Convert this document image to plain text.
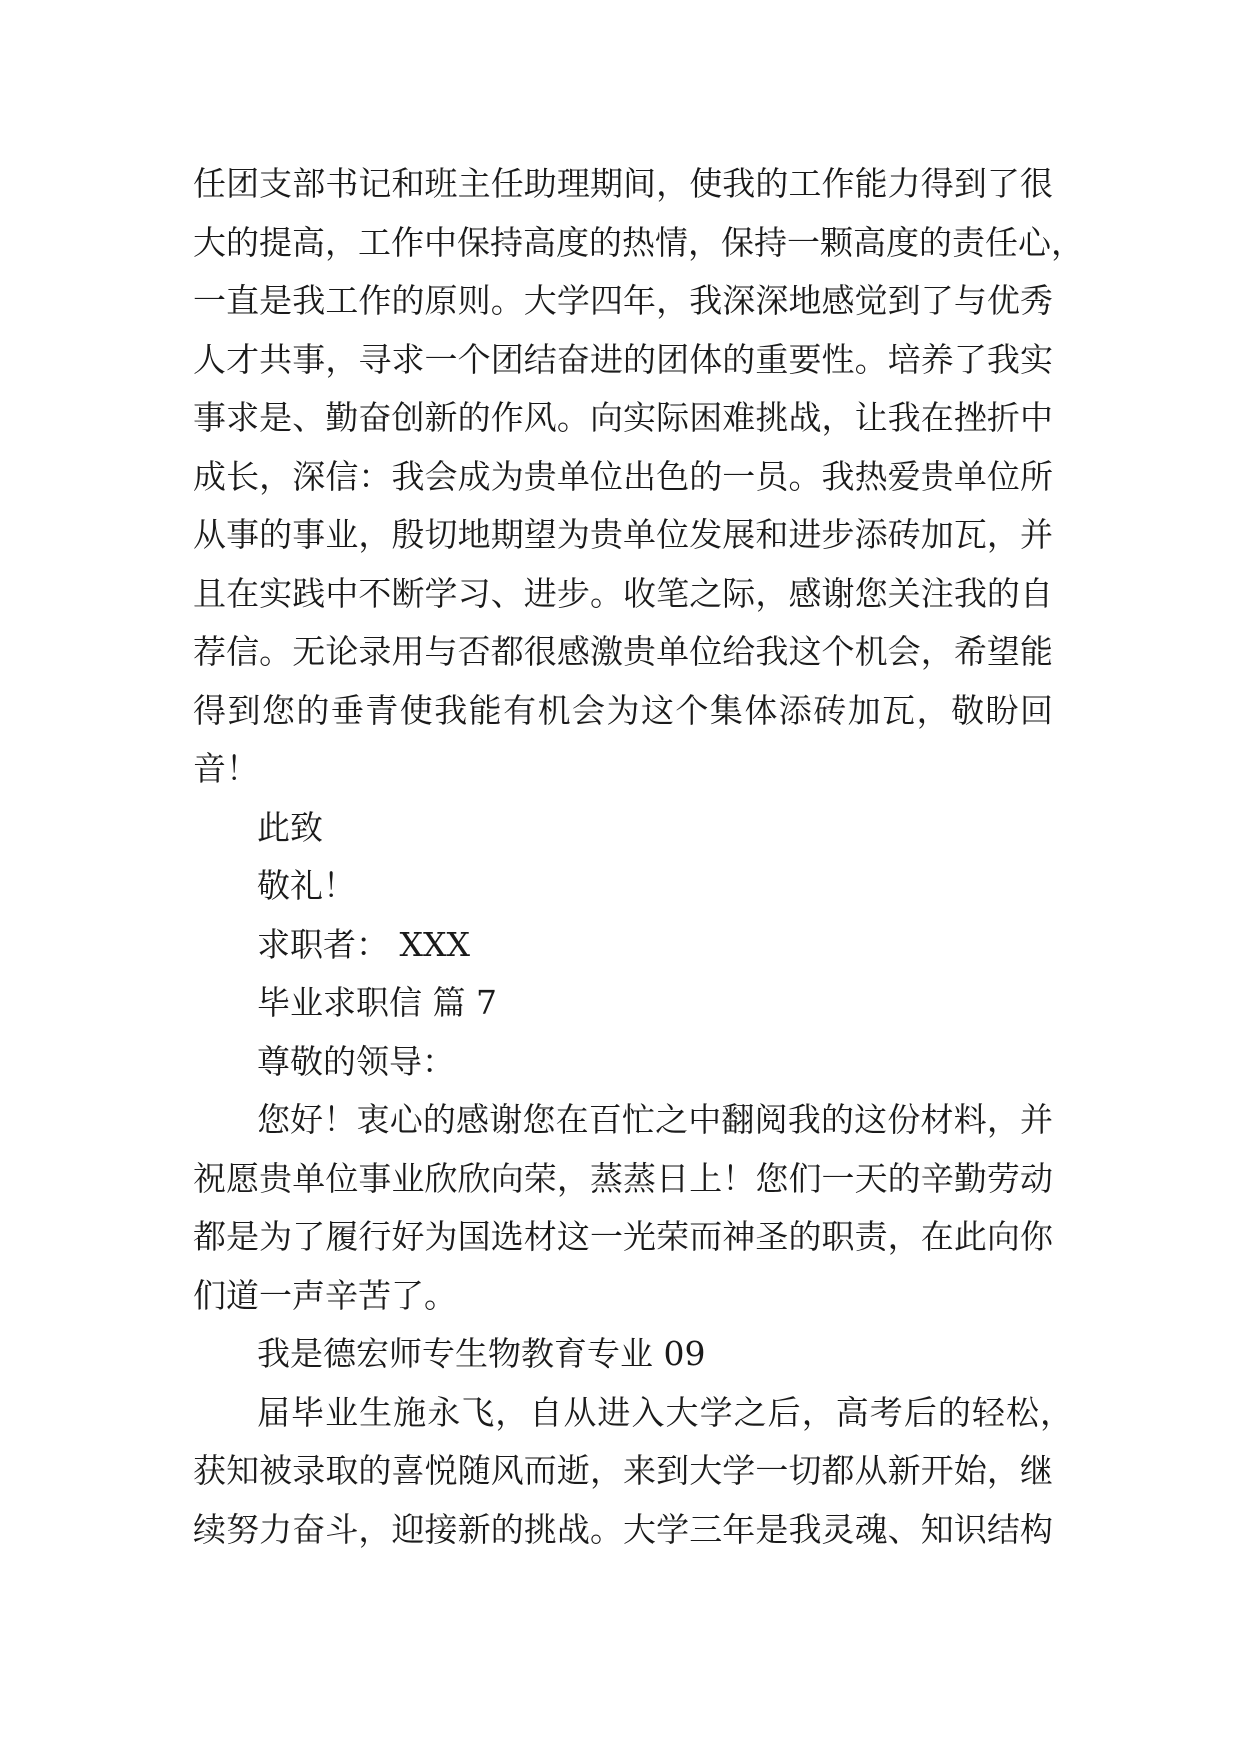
任团支部书记和班主任助理期间，使我的工作能力得到了很
大的提高，工作中保持高度的热情，保持一颗高度的责任心，
一直是我工作的原则。大学四年，我深深地感觉到了与优秀
人才共事，寻求一个团结奋进的团体的重要性。培养了我实
事求是、勤奋创新的作风。向实际困难挑战，让我在挫折中
成长，深信：我会成为贵单位出色的一员。我热爱贵单位所
从事的事业，殷切地期望为贵单位发展和进步添砖加瓦，并
且在实践中不断学习、进步。收笔之际，感谢您关注我的自
荐信。无论录用与否都很感激贵单位给我这个机会，希望能
得到您的垂青使我能有机会为这个集体添砖加瓦，敬盼回
音！
此致
敬礼！
求职者： XXX
毕业求职信 篇 7
尊敬的领导：
您好！衷心的感谢您在百忙之中翻阅我的这份材料，并
祝愿贵单位事业欣欣向荣，蒸蒸日上！您们一天的辛勤劳动
都是为了履行好为国选材这一光荣而神圣的职责，在此向你
们道一声辛苦了。
我是德宏师专生物教育专业 09
届毕业生施永飞，自从进入大学之后，高考后的轻松，
获知被录取的喜悦随风而逝，来到大学一切都从新开始，继
续努力奋斗，迎接新的挑战。大学三年是我灵魂、知识结构
